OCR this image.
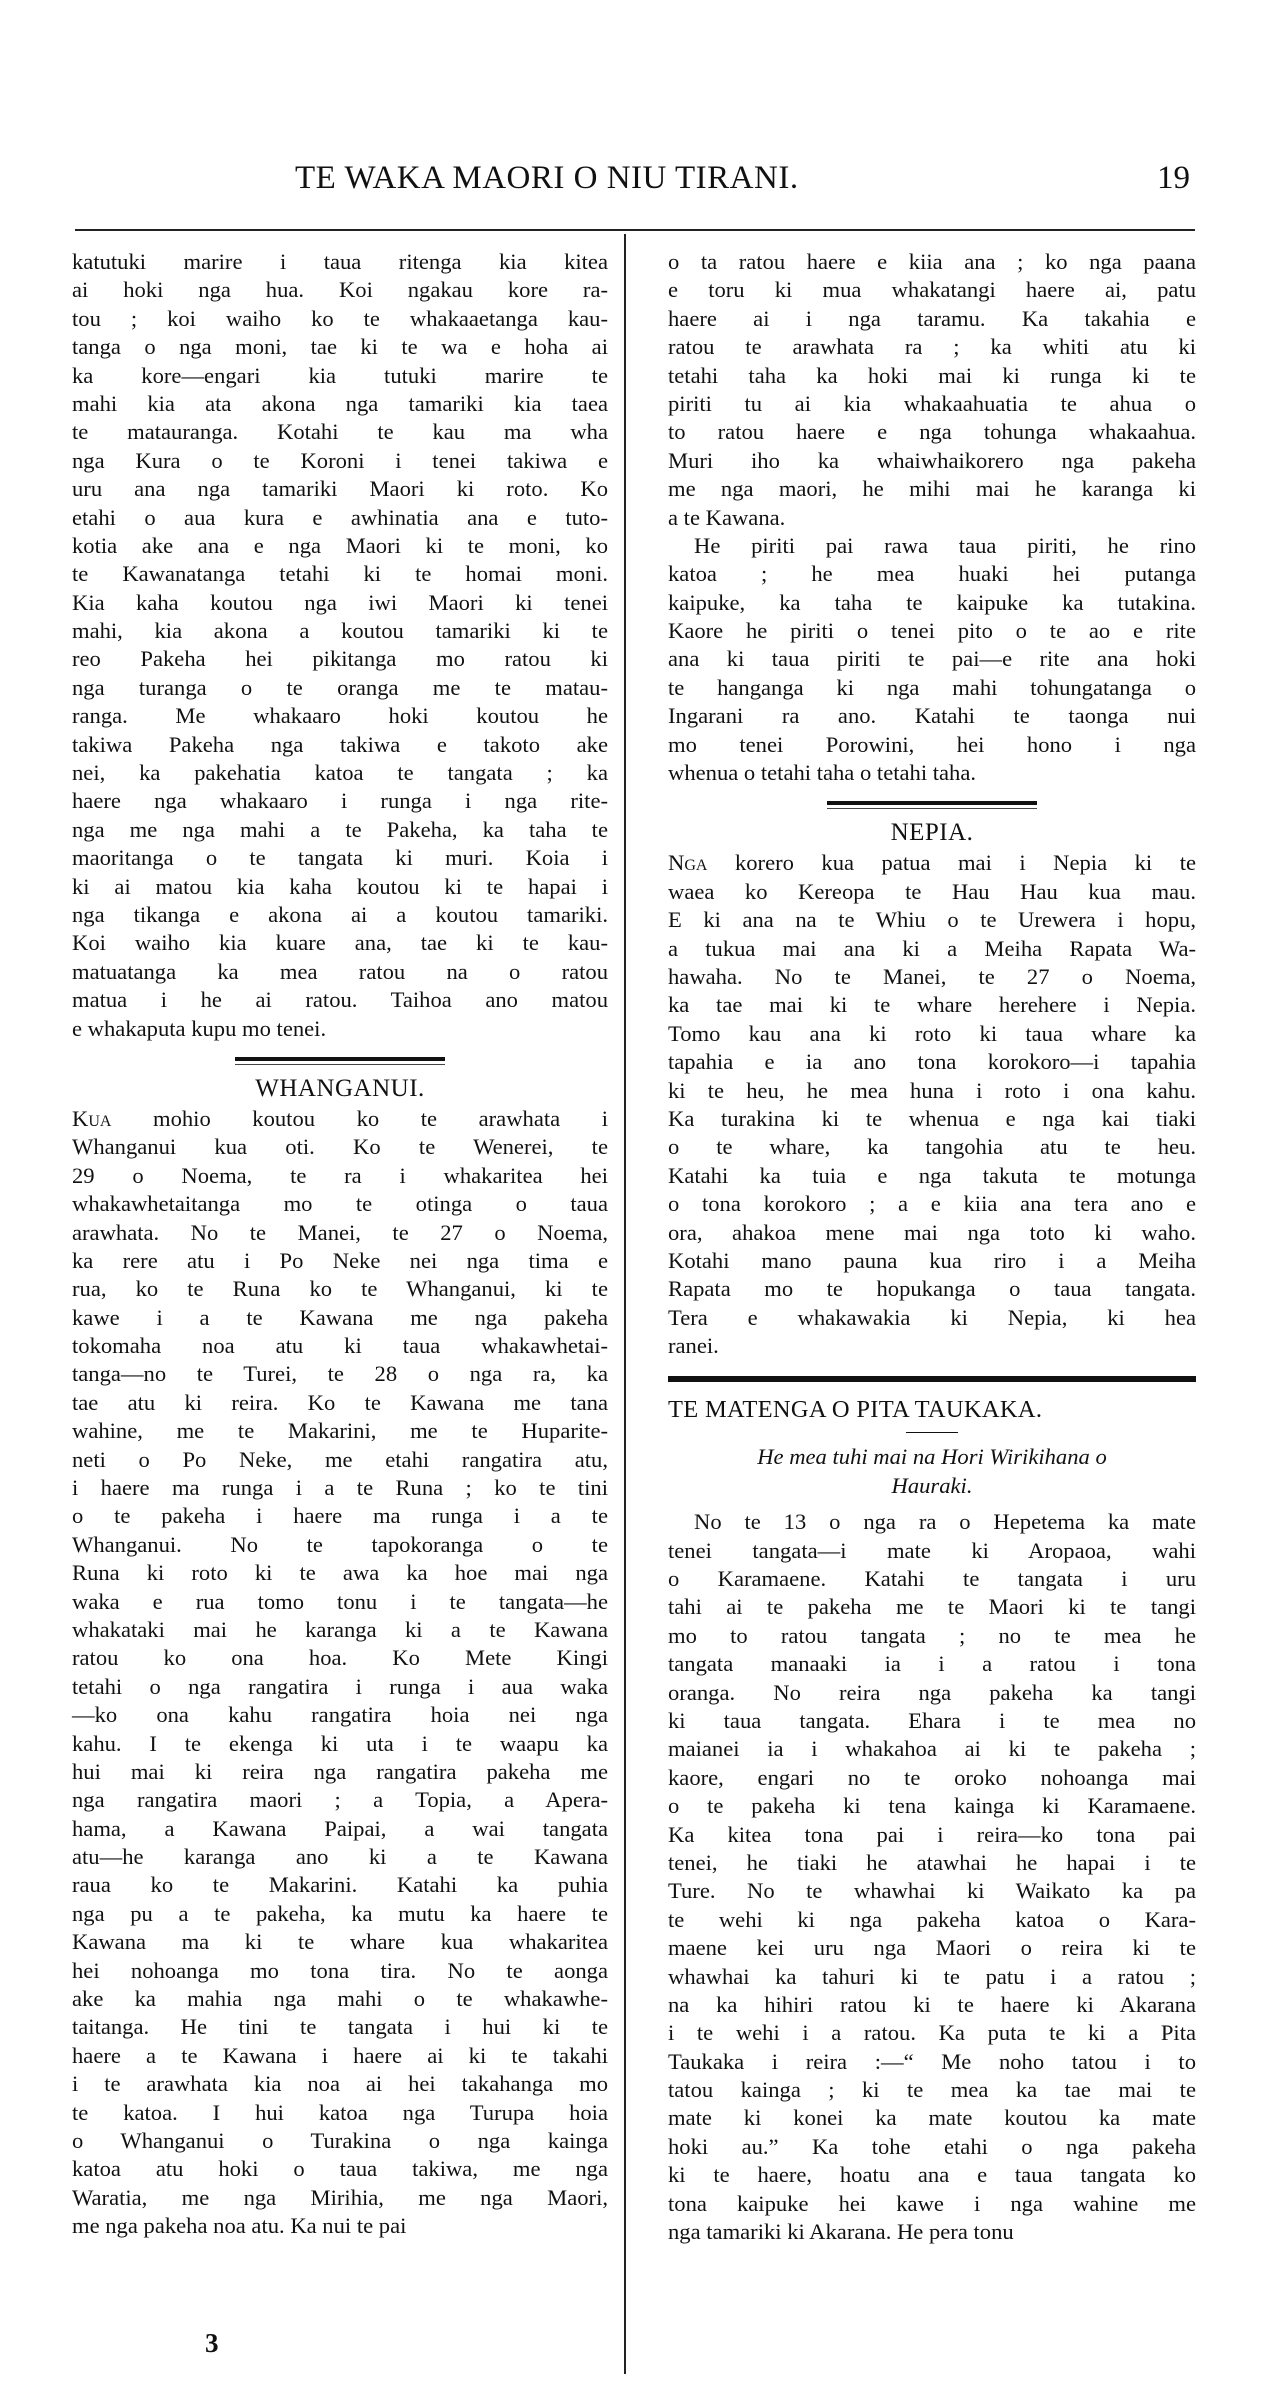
TE WAKA MAORI O NIU TIRANI.	19
katutuki marire i taua ritenga kia kitea
ai hoki nga hua. Koi ngakau kore ra-
tou ; koi waiho ko te whakaaetanga kau-
tanga o nga moni, tae ki te wa e hoha ai
ka kore—engari kia tutuki marire te
mahi kia ata akona nga tamariki kia taea
te matauranga. Kotahi te kau ma wha
nga Kura o te Koroni i tenei takiwa e
uru ana nga tamariki Maori ki roto. Ko
etahi o aua kura e awhinatia ana e tuto-
kotia ake ana e nga Maori ki te moni, ko
te Kawanatanga tetahi ki te homai moni.
Kia kaha koutou nga iwi Maori ki tenei
mahi, kia akona a koutou tamariki ki te
reo Pakeha hei pikitanga mo ratou ki
nga turanga o te oranga me te matau-
ranga. Me whakaaro hoki koutou he
takiwa Pakeha nga takiwa e takoto ake
nei, ka pakehatia katoa te tangata ; ka
haere nga whakaaro i runga i nga rite-
nga me nga mahi a te Pakeha, ka taha te
maoritanga o te tangata ki muri. Koia i
ki ai matou kia kaha koutou ki te hapai i
nga tikanga e akona ai a koutou tamariki.
Koi waiho kia kuare ana, tae ki te kau-
matuatanga ka mea ratou na o ratou
matua i he ai ratou. Taihoa ano matou
e whakaputa kupu mo tenei.
WHANGANUI.
Kua mohio koutou ko te arawhata i
Whanganui kua oti. Ko te Wenerei, te
29 o Noema, te ra i whakaritea hei
whakawhetaitanga mo te otinga o taua
arawhata. No te Manei, te 27 o Noema,
ka rere atu i Po Neke nei nga tima e
rua, ko te Runa ko te Whanganui, ki te
kawe i a te Kawana me nga pakeha
tokomaha noa atu ki taua whakawhetai-
tanga—no te Turei, te 28 o nga ra, ka
tae atu ki reira. Ko te Kawana me tana
wahine, me te Makarini, me te Huparite-
neti o Po Neke, me etahi rangatira atu,
i haere ma runga i a te Runa ; ko te tini
o te pakeha i haere ma runga i a te
Whanganui. No te tapokoranga o te
Runa ki roto ki te awa ka hoe mai nga
waka e rua tomo tonu i te tangata—he
whakataki mai he karanga ki a te Kawana
ratou ko ona hoa. Ko Mete Kingi
tetahi o nga rangatira i runga i aua waka
—ko ona kahu rangatira hoia nei nga
kahu. I te ekenga ki uta i te waapu ka
hui mai ki reira nga rangatira pakeha me
nga rangatira maori ; a Topia, a Apera-
hama, a Kawana Paipai, a wai tangata
atu—he karanga ano ki a te Kawana
raua ko te Makarini. Katahi ka puhia
nga pu a te pakeha, ka mutu ka haere te
Kawana ma ki te whare kua whakaritea
hei nohoanga mo tona tira. No te aonga
ake ka mahia nga mahi o te whakawhe-
taitanga. He tini te tangata i hui ki te
haere a te Kawana i haere ai ki te takahi
i te arawhata kia noa ai hei takahanga mo
te katoa. I hui katoa nga Turupa hoia
o Whanganui o Turakina o nga kainga
katoa atu hoki o taua takiwa, me nga
Waratia, me nga Mirihia, me nga Maori,
me nga pakeha noa atu. Ka nui te pai
3
o ta ratou haere e kiia ana ; ko nga paana
e toru ki mua whakatangi haere ai, patu
haere ai i nga taramu. Ka takahia e
ratou te arawhata ra ; ka whiti atu ki
tetahi taha ka hoki mai ki runga ki te
piriti tu ai kia whakaahuatia te ahua o
to ratou haere e nga tohunga whakaahua.
Muri iho ka whaiwhaikorero nga pakeha
me nga maori, he mihi mai he karanga ki
a te Kawana.
He piriti pai rawa taua piriti, he rino
katoa ; he mea huaki hei putanga
kaipuke, ka taha te kaipuke ka tutakina.
Kaore he piriti o tenei pito o te ao e rite
ana ki taua piriti te pai—e rite ana hoki
te hanganga ki nga mahi tohungatanga o
Ingarani ra ano. Katahi te taonga nui
mo tenei Porowini, hei hono i nga
whenua o tetahi taha o tetahi taha.
NEPIA.
Nga korero kua patua mai i Nepia ki te
waea ko Kereopa te Hau Hau kua mau.
E ki ana na te Whiu o te Urewera i hopu,
a tukua mai ana ki a Meiha Rapata Wa-
hawaha. No te Manei, te 27 o Noema,
ka tae mai ki te whare herehere i Nepia.
Tomo kau ana ki roto ki taua whare ka
tapahia e ia ano tona korokoro—i tapahia
ki te heu, he mea huna i roto i ona kahu.
Ka turakina ki te whenua e nga kai tiaki
o te whare, ka tangohia atu te heu.
Katahi ka tuia e nga takuta te motunga
o tona korokoro ; a e kiia ana tera ano e
ora, ahakoa mene mai nga toto ki waho.
Kotahi mano pauna kua riro i a Meiha
Rapata mo te hopukanga o taua tangata.
Tera e whakawakia ki Nepia, ki hea
ranei.
TE MATENGA O PITA TAUKAKA.
He mea tuhi mai na Hori Wirikihana o
Hauraki.
No te 13 o nga ra o Hepetema ka mate
tenei tangata—i mate ki Aropaoa, wahi
o Karamaene. Katahi te tangata i uru
tahi ai te pakeha me te Maori ki te tangi
mo to ratou tangata ; no te mea he
tangata manaaki ia i a ratou i tona
oranga. No reira nga pakeha ka tangi
ki taua tangata. Ehara i te mea no
maianei ia i whakahoa ai ki te pakeha ;
kaore, engari no te oroko nohoanga mai
o te pakeha ki tena kainga ki Karamaene.
Ka kitea tona pai i reira—ko tona pai
tenei, he tiaki he atawhai he hapai i te
Ture. No te whawhai ki Waikato ka pa
te wehi ki nga pakeha katoa o Kara-
maene kei uru nga Maori o reira ki te
whawhai ka tahuri ki te patu i a ratou ;
na ka hihiri ratou ki te haere ki Akarana
i te wehi i a ratou. Ka puta te ki a Pita
Taukaka i reira :—“ Me noho tatou i to
tatou kainga ; ki te mea ka tae mai te
mate ki konei ka mate koutou ka mate
hoki au.” Ka tohe etahi o nga pakeha
ki te haere, hoatu ana e taua tangata ko
tona kaipuke hei kawe i nga wahine me
nga tamariki ki Akarana. He pera tonu
